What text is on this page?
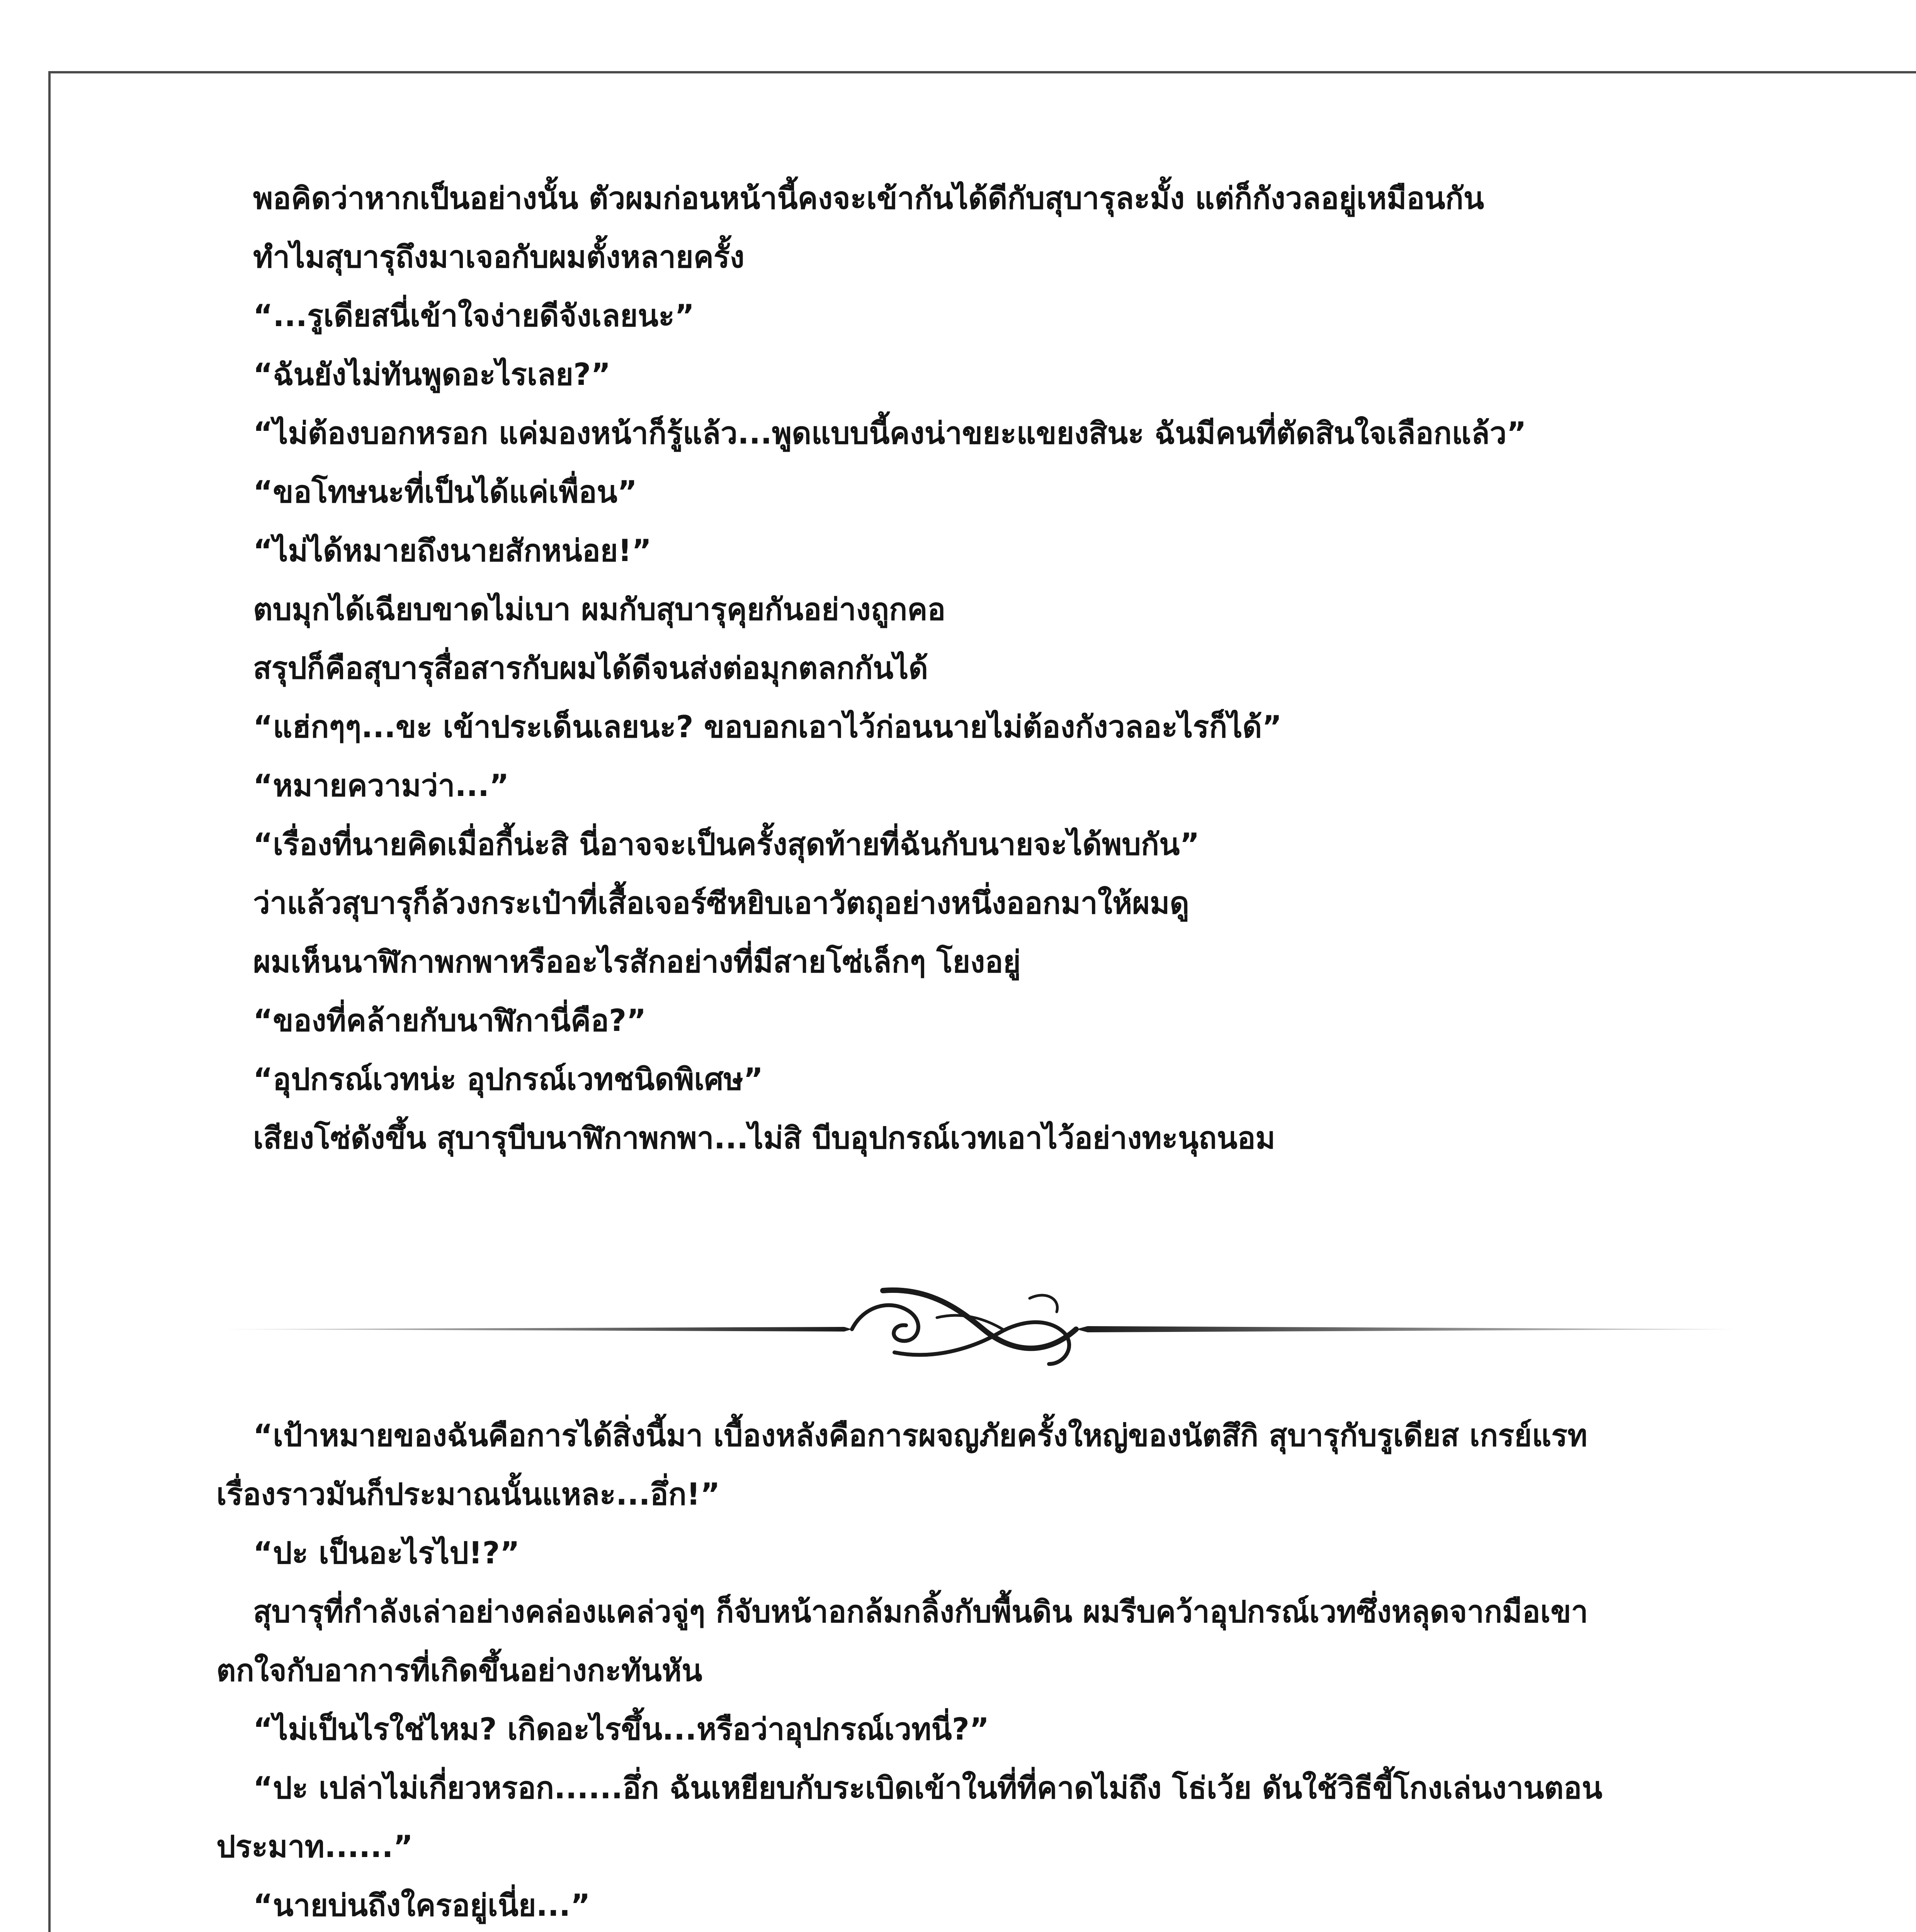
พอคิดว่าหากเป็นอย่างนั้น ตัวผมก่อนหน้านี้คงจะเข้ากันได้ดีกับสุบารุละมั้ง แต่ก็กังวลอยู่เหมือนกัน
ทำไมสุบารุถึงมาเจอกับผมตั้งหลายครั้ง
“...รูเดียสนี่เข้าใจง่ายดีจังเลยนะ”
“ฉันยังไม่ทันพูดอะไรเลย?”
“ไม่ต้องบอกหรอก แค่มองหน้าก็รู้แล้ว...พูดแบบนี้คงน่าขยะแขยงสินะ ฉันมีคนที่ตัดสินใจเลือกแล้ว”
“ขอโทษนะที่เป็นได้แค่เพื่อน”
“ไม่ได้หมายถึงนายสักหน่อย!”
ตบมุกได้เฉียบขาดไม่เบา ผมกับสุบารุคุยกันอย่างถูกคอ
สรุปก็คือสุบารุสื่อสารกับผมได้ดีจนส่งต่อมุกตลกกันได้
“แฮ่กๆๆ...ขะ เข้าประเด็นเลยนะ? ขอบอกเอาไว้ก่อนนายไม่ต้องกังวลอะไรก็ได้”
“หมายความว่า...”
“เรื่องที่นายคิดเมื่อกี้น่ะสิ นี่อาจจะเป็นครั้งสุดท้ายที่ฉันกับนายจะได้พบกัน”
ว่าแล้วสุบารุก็ล้วงกระเป๋าที่เสื้อเจอร์ซีหยิบเอาวัตถุอย่างหนึ่งออกมาให้ผมดู
ผมเห็นนาฬิกาพกพาหรืออะไรสักอย่างที่มีสายโซ่เล็กๆ โยงอยู่
“ของที่คล้ายกับนาฬิกานี่คือ?”
“อุปกรณ์เวทน่ะ อุปกรณ์เวทชนิดพิเศษ”
เสียงโซ่ดังขึ้น สุบารุบีบนาฬิกาพกพา...ไม่สิ บีบอุปกรณ์เวทเอาไว้อย่างทะนุถนอม

“เป้าหมายของฉันคือการได้สิ่งนี้มา เบื้องหลังคือการผจญภัยครั้งใหญ่ของนัตสึกิ สุบารุกับรูเดียส เกรย์แรท

เรื่องราวมันก็ประมาณนั้นแหละ...อึ่ก!”

“ปะ เป็นอะไรไป!?”

สุบารุที่กำลังเล่าอย่างคล่องแคล่วจู่ๆ ก็จับหน้าอกล้มกลิ้งกับพื้นดิน ผมรีบคว้าอุปกรณ์เวทซึ่งหลุดจากมือเขา

ตกใจกับอาการที่เกิดขึ้นอย่างกะทันหัน

“ไม่เป็นไรใช่ไหม? เกิดอะไรขึ้น...หรือว่าอุปกรณ์เวทนี่?”

“ปะ เปล่าไม่เกี่ยวหรอก......อึ่ก ฉันเหยียบกับระเบิดเข้าในที่ที่คาดไม่ถึง โธ่เว้ย ดันใช้วิธีขี้โกงเล่นงานตอน

ประมาท......”

“นายบ่นถึงใครอยู่เนี่ย...”
